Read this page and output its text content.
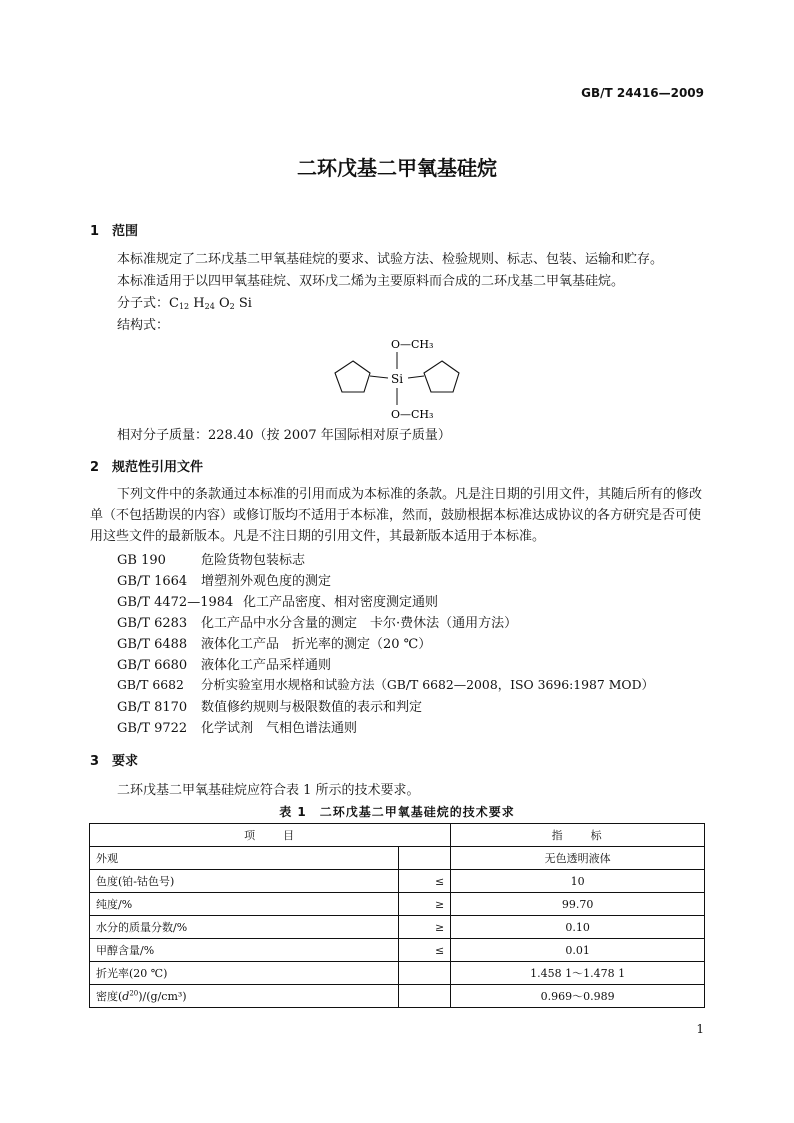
GB/T 24416—2009
二环戊基二甲氧基硅烷
1 范围
本标准规定了二环戊基二甲氧基硅烷的要求、试验方法、检验规则、标志、包装、运输和贮存。
本标准适用于以四甲氧基硅烷、双环戊二烯为主要原料而合成的二环戊基二甲氧基硅烷。
分子式：$C_{12}$ $H_{24}$ $O_2$ Si
结构式：
O—CH₃
Si
O—CH₃
相对分子质量：228.40（按 2007 年国际相对原子质量）
2 规范性引用文件
下列文件中的条款通过本标准的引用而成为本标准的条款。凡是注日期的引用文件，其随后所有的修改单（不包括勘误的内容）或修订版均不适用于本标准，然而，鼓励根据本标准达成协议的各方研究是否可使用这些文件的最新版本。凡是不注日期的引用文件，其最新版本适用于本标准。
GB 190	危险货物包装标志
GB/T 1664 增塑剂外观色度的测定
GB/T 4472—1984 化工产品密度、相对密度测定通则
GB/T 6283 化工产品中水分含量的测定　卡尔·费休法（通用方法）
GB/T 6488 液体化工产品　折光率的测定（20 ℃）
GB/T 6680 液体化工产品采样通则
GB/T 6682 分析实验室用水规格和试验方法（GB/T 6682—2008，ISO 3696:1987 MOD）
GB/T 8170 数值修约规则与极限数值的表示和判定
GB/T 9722 化学试剂　气相色谱法通则
3 要求
二环戊基二甲氧基硅烷应符合表 1 所示的技术要求。
表 1　二环戊基二甲氧基硅烷的技术要求
项　　目		指　　标
外观		无色透明液体
色度(铂-钴色号)	≤	10
纯度/%	≥	99.70
水分的质量分数/%	≥	0.10
甲醇含量/%	≤	0.01
折光率(20 ℃)		1.458 1～1.478 1
密度$(d^{20})/(g/cm^3)$		0.969～0.989
1
